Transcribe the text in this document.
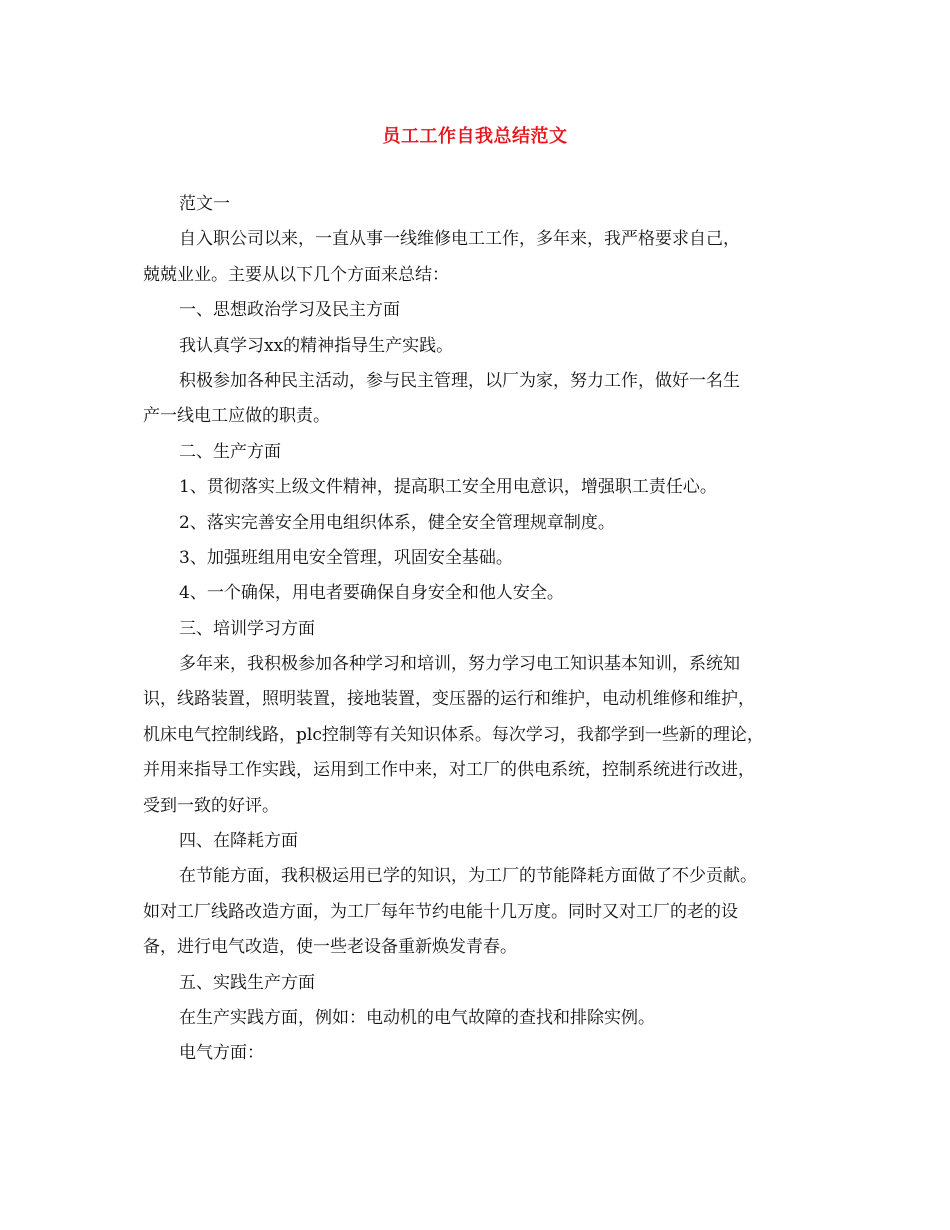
员工工作自我总结范文
范文一
自入职公司以来，一直从事一线维修电工工作，多年来，我严格要求自己，
兢兢业业。主要从以下几个方面来总结：
一、思想政治学习及民主方面
我认真学习xx的精神指导生产实践。
积极参加各种民主活动，参与民主管理，以厂为家，努力工作，做好一名生
产一线电工应做的职责。
二、生产方面
1、贯彻落实上级文件精神，提高职工安全用电意识，增强职工责任心。
2、落实完善安全用电组织体系，健全安全管理规章制度。
3、加强班组用电安全管理，巩固安全基础。
4、一个确保，用电者要确保自身安全和他人安全。
三、培训学习方面
多年来，我积极参加各种学习和培训，努力学习电工知识基本知训，系统知
识，线路装置，照明装置，接地装置，变压器的运行和维护，电动机维修和维护，
机床电气控制线路，plc控制等有关知识体系。每次学习，我都学到一些新的理论，
并用来指导工作实践，运用到工作中来，对工厂的供电系统，控制系统进行改进，
受到一致的好评。
四、在降耗方面
在节能方面，我积极运用已学的知识，为工厂的节能降耗方面做了不少贡献。
如对工厂线路改造方面，为工厂每年节约电能十几万度。同时又对工厂的老的设
备，进行电气改造，使一些老设备重新焕发青春。
五、实践生产方面
在生产实践方面，例如：电动机的电气故障的查找和排除实例。
电气方面：
